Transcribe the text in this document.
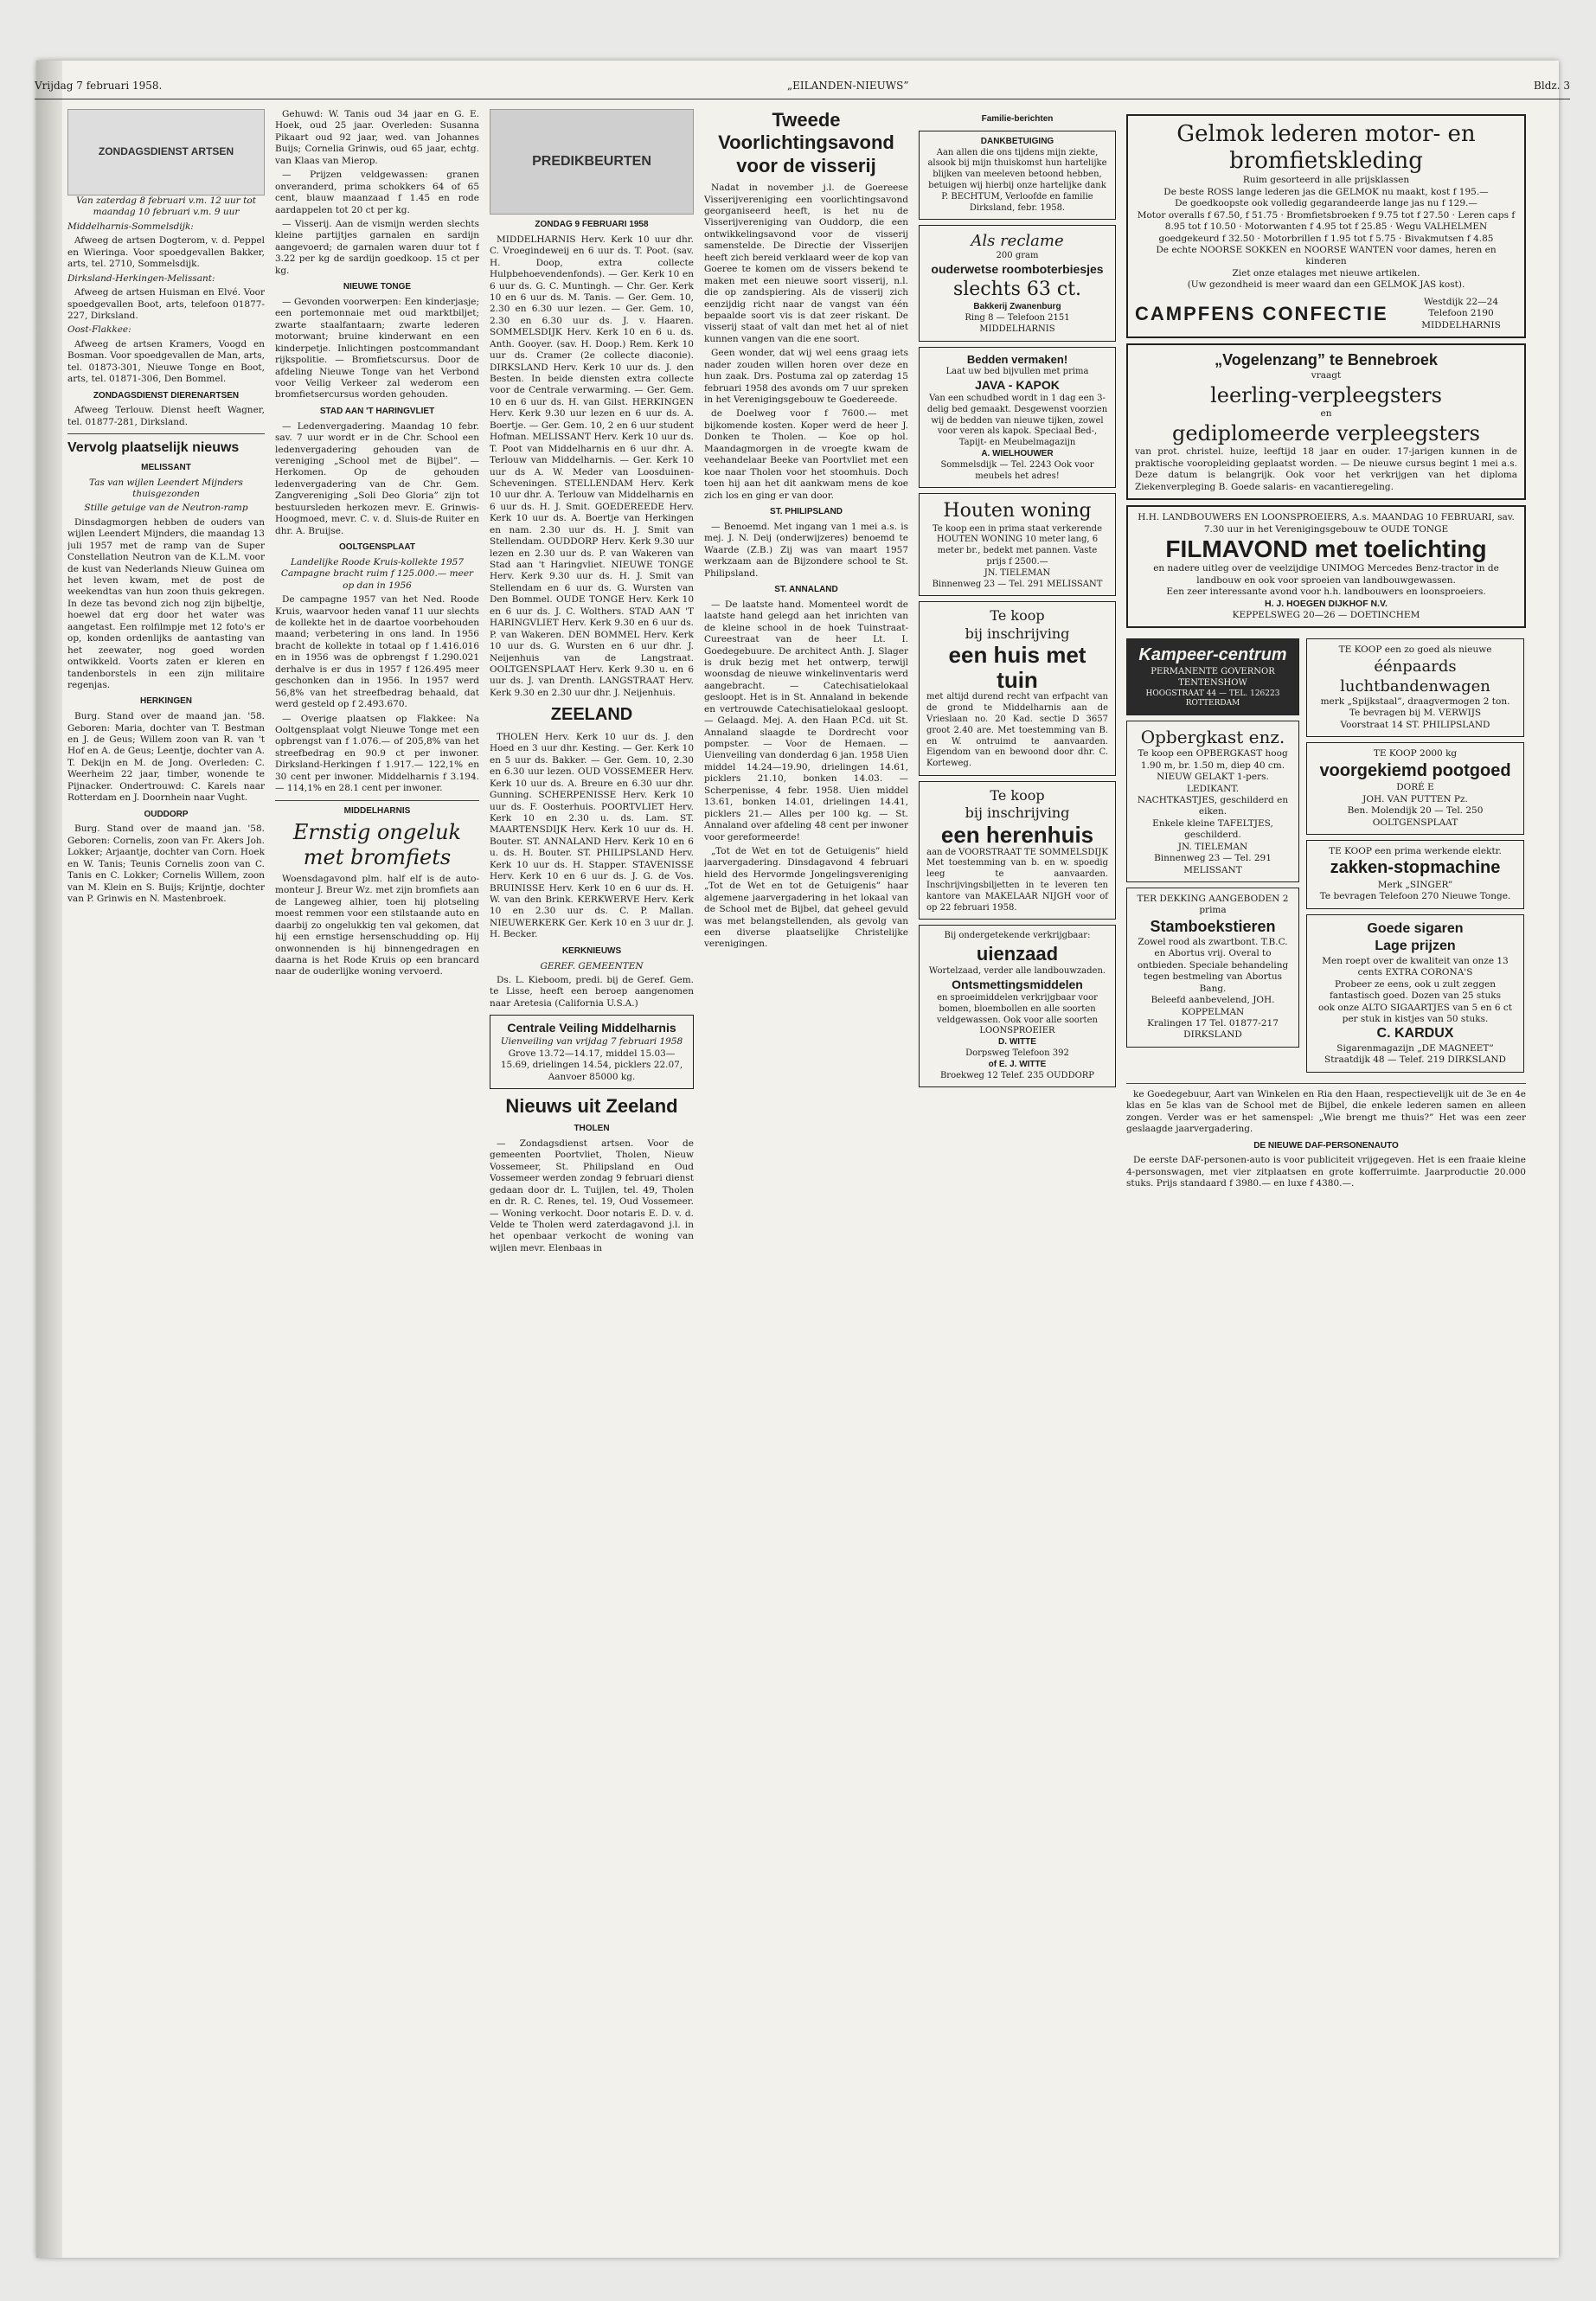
Vrijdag 7 februari 1958.	„EILANDEN-NIEUWS”	Bldz. 3
ZONDAGSDIENST ARTSEN

Van zaterdag 8 februari v.m. 12 uur tot maandag 10 februari v.m. 9 uur

Middelharnis-Sommelsdijk:

Afweeg de artsen Dogterom, v. d. Peppel en Wieringa. Voor spoedgevallen Bakker, arts, tel. 2710, Sommelsdijk.

Dirksland-Herkingen-Melissant:

Afweeg de artsen Huisman en Elvé. Voor spoedgevallen Boot, arts, telefoon 01877-227, Dirksland.

Oost-Flakkee:

Afweeg de artsen Kramers, Voogd en Bosman. Voor spoedgevallen de Man, arts, tel. 01873-301, Nieuwe Tonge en Boot, arts, tel. 01871-306, Den Bommel.

ZONDAGSDIENST DIERENARTSEN

Afweeg Terlouw. Dienst heeft Wagner, tel. 01877-281, Dirksland.

Vervolg plaatselijk nieuws
MELISSANT

Tas van wijlen Leendert Mijnders thuisgezonden

Stille getuige van de Neutron-ramp

Dinsdagmorgen hebben de ouders van wijlen Leendert Mijnders, die maandag 13 juli 1957 met de ramp van de Super Constellation Neutron van de K.L.M. voor de kust van Nederlands Nieuw Guinea om het leven kwam, met de post de weekendtas van hun zoon thuis gekregen. In deze tas bevond zich nog zijn bijbeltje, hoewel dat erg door het water was aangetast. Een rolfilmpje met 12 foto's er op, konden ordenlijks de aantasting van het zeewater, nog goed worden ontwikkeld. Voorts zaten er kleren en tandenborstels in een zijn militaire regenjas.

HERKINGEN

Burg. Stand over de maand jan. '58. Geboren: Maria, dochter van T. Bestman en J. de Geus; Willem zoon van R. van 't Hof en A. de Geus; Leentje, dochter van A. T. Dekijn en M. de Jong. Overleden: C. Weerheim 22 jaar, timber, wonende te Pijnacker. Ondertrouwd: C. Karels naar Rotterdam en J. Doornhein naar Vught.

OUDDORP

Burg. Stand over de maand jan. '58. Geboren: Cornelis, zoon van Fr. Akers Joh. Lokker; Arjaantje, dochter van Corn. Hoek en W. Tanis; Teunis Cornelis zoon van C. Tanis en C. Lokker; Cornelis Willem, zoon van M. Klein en S. Buijs; Krijntje, dochter van P. Grinwis en N. Mastenbroek.

Gehuwd: W. Tanis oud 34 jaar en G. E. Hoek, oud 25 jaar. Overleden: Susanna Pikaart oud 92 jaar, wed. van Johannes Buijs; Cornelia Grinwis, oud 65 jaar, echtg. van Klaas van Mierop.

— Prijzen veldgewassen: granen onveranderd, prima schokkers 64 of 65 cent, blauw maanzaad f 1.45 en rode aardappelen tot 20 ct per kg.

— Visserij. Aan de vismijn werden slechts kleine partijtjes garnalen en sardijn aangevoerd; de garnalen waren duur tot f 3.22 per kg de sardijn goedkoop. 15 ct per kg.

NIEUWE TONGE

— Gevonden voorwerpen: Een kinderjasje; een portemonnaie met oud marktbiljet; zwarte staalfantaarn; zwarte lederen motorwant; bruine kinderwant en een kinderpetje. Inlichtingen postcommandant rijkspolitie. — Bromfietscursus. Door de afdeling Nieuwe Tonge van het Verbond voor Veilig Verkeer zal wederom een bromfietsercursus worden gehouden.

STAD AAN 'T HARINGVLIET

— Ledenvergadering. Maandag 10 febr. sav. 7 uur wordt er in de Chr. School een ledenvergadering gehouden van de vereniging „School met de Bijbel”. — Herkomen. Op de gehouden ledenvergadering van de Chr. Gem. Zangvereniging „Soli Deo Gloria” zijn tot bestuursleden herkozen mevr. E. Grinwis-Hoogmoed, mevr. C. v. d. Sluis-de Ruiter en dhr. A. Bruijse.

OOLTGENSPLAAT

Landelijke Roode Kruis-kollekte 1957 Campagne bracht ruim f 125.000.— meer op dan in 1956

De campagne 1957 van het Ned. Roode Kruis, waarvoor heden vanaf 11 uur slechts de kollekte het in de daartoe voorbehouden maand; verbetering in ons land. In 1956 bracht de kollekte in totaal op f 1.416.016 en in 1956 was de opbrengst f 1.290.021 derhalve is er dus in 1957 f 126.495 meer geschonken dan in 1956. In 1957 werd 56,8% van het streefbedrag behaald, dat werd gesteld op f 2.493.670.

— Overige plaatsen op Flakkee: Na Ooltgensplaat volgt Nieuwe Tonge met een opbrengst van f 1.076.— of 205,8% van het streefbedrag en 90.9 ct per inwoner. Dirksland-Herkingen f 1.917.— 122,1% en 30 cent per inwoner. Middelharnis f 3.194.— 114,1% en 28.1 cent per inwoner.

MIDDELHARNIS
Ernstig ongeluk met bromfiets

Woensdagavond plm. half elf is de auto-monteur J. Breur Wz. met zijn bromfiets aan de Langeweg alhier, toen hij plotseling moest remmen voor een stilstaande auto en daarbij zo ongelukkig ten val gekomen, dat hij een ernstige hersenschudding op. Hij onwonnenden is hij binnengedragen en daarna is het Rode Kruis op een brancard naar de ouderlijke woning vervoerd.

PREDIKBEURTEN
ZONDAG 9 FEBRUARI 1958

MIDDELHARNIS Herv. Kerk 10 uur dhr. C. Vroegindeweij en 6 uur ds. T. Poot. (sav. H. Doop, extra collecte Hulpbehoevendenfonds). — Ger. Kerk 10 en 6 uur ds. G. C. Muntingh. — Chr. Ger. Kerk 10 en 6 uur ds. M. Tanis. — Ger. Gem. 10, 2.30 en 6.30 uur lezen. — Ger. Gem. 10, 2.30 en 6.30 uur ds. J. v. Haaren. SOMMELSDIJK Herv. Kerk 10 en 6 u. ds. Anth. Gooyer. (sav. H. Doop.) Rem. Kerk 10 uur ds. Cramer (2e collecte diaconie). DIRKSLAND Herv. Kerk 10 uur ds. J. den Besten. In beide diensten extra collecte voor de Centrale verwarming. — Ger. Gem. 10 en 6 uur ds. H. van Gilst. HERKINGEN Herv. Kerk 9.30 uur lezen en 6 uur ds. A. Boertje. — Ger. Gem. 10, 2 en 6 uur student Hofman. MELISSANT Herv. Kerk 10 uur ds. T. Poot van Middelharnis en 6 uur dhr. A. Terlouw van Middelharnis. — Ger. Kerk 10 uur ds A. W. Meder van Loosduinen-Scheveningen. STELLENDAM Herv. Kerk 10 uur dhr. A. Terlouw van Middelharnis en 6 uur ds. H. J. Smit. GOEDEREEDE Herv. Kerk 10 uur ds. A. Boertje van Herkingen en nam. 2.30 uur ds. H. J. Smit van Stellendam. OUDDORP Herv. Kerk 9.30 uur lezen en 2.30 uur ds. P. van Wakeren van Stad aan 't Haringvliet. NIEUWE TONGE Herv. Kerk 9.30 uur ds. H. J. Smit van Stellendam en 6 uur ds. G. Wursten van Den Bommel. OUDE TONGE Herv. Kerk 10 en 6 uur ds. J. C. Wolthers. STAD AAN 'T HARINGVLIET Herv. Kerk 9.30 en 6 uur ds. P. van Wakeren. DEN BOMMEL Herv. Kerk 10 uur ds. G. Wursten en 6 uur dhr. J. Neijenhuis van de Langstraat. OOLTGENSPLAAT Herv. Kerk 9.30 u. en 6 uur ds. J. van Drenth. LANGSTRAAT Herv. Kerk 9.30 en 2.30 uur dhr. J. Neijenhuis.

ZEELAND

THOLEN Herv. Kerk 10 uur ds. J. den Hoed en 3 uur dhr. Kesting. — Ger. Kerk 10 en 5 uur ds. Bakker. — Ger. Gem. 10, 2.30 en 6.30 uur lezen. OUD VOSSEMEER Herv. Kerk 10 uur ds. A. Breure en 6.30 uur dhr. Gunning. SCHERPENISSE Herv. Kerk 10 uur ds. F. Oosterhuis. POORTVLIET Herv. Kerk 10 en 2.30 u. ds. Lam. ST. MAARTENSDIJK Herv. Kerk 10 uur ds. H. Bouter. ST. ANNALAND Herv. Kerk 10 en 6 u. ds. H. Bouter. ST. PHILIPSLAND Herv. Kerk 10 uur ds. H. Stapper. STAVENISSE Herv. Kerk 10 en 6 uur ds. J. G. de Vos. BRUINISSE Herv. Kerk 10 en 6 uur ds. H. W. van den Brink. KERKWERVE Herv. Kerk 10 en 2.30 uur ds. C. P. Mallan. NIEUWERKERK Ger. Kerk 10 en 3 uur dr. J. H. Becker.

KERKNIEUWS

GEREF. GEMEENTEN

Ds. L. Kieboom, predi. bij de Geref. Gem. te Lisse, heeft een beroep aangenomen naar Aretesia (California U.S.A.)

Centrale Veiling Middelharnis
Uienveiling van vrijdag 7 februari 1958
Grove 13.72—14.17, middel 15.03—15.69, drielingen 14.54, picklers 22.07, Aanvoer 85000 kg.
Nieuws uit Zeeland
THOLEN

— Zondagsdienst artsen. Voor de gemeenten Poortvliet, Tholen, Nieuw Vossemeer, St. Philipsland en Oud Vossemeer werden zondag 9 februari dienst gedaan door dr. L. Tuijlen, tel. 49, Tholen en dr. R. C. Renes, tel. 19, Oud Vossemeer. — Woning verkocht. Door notaris E. D. v. d. Velde te Tholen werd zaterdagavond j.l. in het openbaar verkocht de woning van wijlen mevr. Elenbaas in

Tweede Voorlichtingsavond voor de visserij

Nadat in november j.l. de Goereese Visserijvereniging een voorlichtingsavond georganiseerd heeft, is het nu de Visserijvereniging van Ouddorp, die een ontwikkelingsavond voor de visserij samenstelde. De Directie der Visserijen heeft zich bereid verklaard weer de kop van Goeree te komen om de vissers bekend te maken met een nieuwe soort visserij, n.l. die op zandspiering. Als de visserij zich eenzijdig richt naar de vangst van één bepaalde soort vis is dat zeer riskant. De visserij staat of valt dan met het al of niet kunnen vangen van die ene soort.

Geen wonder, dat wij wel eens graag iets nader zouden willen horen over deze en hun zaak. Drs. Postuma zal op zaterdag 15 februari 1958 des avonds om 7 uur spreken in het Verenigingsgebouw te Goedereede.

de Doelweg voor f 7600.— met bijkomende kosten. Koper werd de heer J. Donken te Tholen. — Koe op hol. Maandagmorgen in de vroegte kwam de veehandelaar Beeke van Poortvliet met een koe naar Tholen voor het stoomhuis. Doch toen hij aan het dit aankwam mens de koe zich los en ging er van door.

ST. PHILIPSLAND

— Benoemd. Met ingang van 1 mei a.s. is mej. J. N. Deij (onderwijzeres) benoemd te Waarde (Z.B.) Zij was van maart 1957 werkzaam aan de Bijzondere school te St. Philipsland.

ST. ANNALAND

— De laatste hand. Momenteel wordt de laatste hand gelegd aan het inrichten van de kleine school in de hoek Tuinstraat-Cureestraat van de heer Lt. I. Goedegebuure. De architect Anth. J. Slager is druk bezig met het ontwerp, terwijl woonsdag de nieuwe winkelinventaris werd aangebracht. — Catechisatielokaal gesloopt. Het is in St. Annaland in bekende en vertrouwde Catechisatielokaal gesloopt. — Gelaagd. Mej. A. den Haan P.Cd. uit St. Annaland slaagde te Dordrecht voor pompster. — Voor de Hemaen. — Uienveiling van donderdag 6 jan. 1958 Uien middel 14.24—19.90, drielingen 14.61, picklers 21.10, bonken 14.03. — Scherpenisse, 4 febr. 1958. Uien middel 13.61, bonken 14.01, drielingen 14.41, picklers 21.— Alles per 100 kg. — St. Annaland over afdeling 48 cent per inwoner voor gereformeerde!

„Tot de Wet en tot de Getuigenis” hield jaarvergadering. Dinsdagavond 4 februari hield des Hervormde Jongelingsvereniging „Tot de Wet en tot de Getuigenis” haar algemene jaarvergadering in het lokaal van de School met de Bijbel, dat geheel gevuld was met belangstellenden, als gevolg van een diverse plaatselijke Christelijke verenigingen.

Familie-berichten
DANKBETUIGING
Aan allen die ons tijdens mijn ziekte, alsook bij mijn thuiskomst hun hartelijke blijken van meeleven betoond hebben, betuigen wij hierbij onze hartelijke dank
P. BECHTUM, Verloofde en familie
Dirksland, febr. 1958.
Als reclame
200 gram
ouderwetse roomboterbiesjes
slechts 63 ct.
Bakkerij Zwanenburg
Ring 8 — Telefoon 2151 MIDDELHARNIS
Bedden vermaken!
Laat uw bed bijvullen met prima
JAVA - KAPOK
Van een schudbed wordt in 1 dag een 3-delig bed gemaakt. Desgewenst voorzien wij de bedden van nieuwe tijken, zowel voor veren als kapok. Speciaal Bed-, Tapijt- en Meubelmagazijn
A. WIELHOUWER
Sommelsdijk — Tel. 2243 Ook voor meubels het adres!
Houten woning
Te koop een in prima staat verkerende HOUTEN WONING 10 meter lang, 6 meter br., bedekt met pannen. Vaste prijs f 2500.—
JN. TIELEMAN
Binnenweg 23 — Tel. 291 MELISSANT
Te koop
bij inschrijving
een huis met tuin
met altijd durend recht van erfpacht van de grond te Middelharnis aan de Vrieslaan no. 20 Kad. sectie D 3657 groot 2.40 are. Met toestemming van B. en W. ontruimd te aanvaarden. Eigendom van en bewoond door dhr. C. Korteweg.
Te koop
bij inschrijving
een herenhuis
aan de VOORSTRAAT TE SOMMELSDIJK
Met toestemming van b. en w. spoedig leeg te aanvaarden. Inschrijvingsbiljetten in te leveren ten kantore van MAKELAAR NIJGH voor of op 22 februari 1958.
Bij ondergetekende verkrijgbaar:
uienzaad
Wortelzaad, verder alle landbouwzaden.
Ontsmettingsmiddelen
en sproeimiddelen verkrijgbaar voor bomen, bloembollen en alle soorten veldgewassen. Ook voor alle soorten LOONSPROEIER
D. WITTE
Dorpsweg Telefoon 392
of E. J. WITTE
Broekweg 12 Telef. 235 OUDDORP
Gelmok lederen motor- en bromfietskleding
Ruim gesorteerd in alle prijsklassen
De beste ROSS lange lederen jas die GELMOK nu maakt, kost f 195.—
De goedkoopste ook volledig gegarandeerde lange jas nu f 129.—
Motor overalls f 67.50, f 51.75 · Bromfietsbroeken f 9.75 tot f 27.50 · Leren caps f 8.95 tot f 10.50 · Motorwanten f 4.95 tot f 25.85 · Wegu VALHELMEN goedgekeurd f 32.50 · Motorbrillen f 1.95 tot f 5.75 · Bivakmutsen f 4.85
De echte NOORSE SOKKEN en NOORSE WANTEN voor dames, heren en kinderen
Ziet onze etalages met nieuwe artikelen.
(Uw gezondheid is meer waard dan een GELMOK JAS kost).
CAMPFENS CONFECTIE
Westdijk 22—24 Telefoon 2190 MIDDELHARNIS
„Vogelenzang” te Bennebroek
vraagt
leerling-verpleegsters
en
gediplomeerde verpleegsters
van prot. christel. huize, leeftijd 18 jaar en ouder. 17-jarigen kunnen in de praktische vooropleiding geplaatst worden. — De nieuwe cursus begint 1 mei a.s. Deze datum is belangrijk. Ook voor het verkrijgen van het diploma Ziekenverpleging B. Goede salaris- en vacantieregeling.
H.H. LANDBOUWERS EN LOONSPROEIERS, A.s. MAANDAG 10 FEBRUARI, sav. 7.30 uur in het Verenigingsgebouw te OUDE TONGE
FILMAVOND met toelichting
en nadere uitleg over de veelzijdige UNIMOG Mercedes Benz-tractor in de landbouw en ook voor sproeien van landbouwgewassen.
Een zeer interessante avond voor h.h. landbouwers en loonsproeiers.
H. J. HOEGEN DIJKHOF N.V.
KEPPELSWEG 20—26 — DOETINCHEM
Kampeer-centrum
PERMANENTE GOVERNOR TENTENSHOW
HOOGSTRAAT 44 — TEL. 126223 ROTTERDAM
Opbergkast enz.
Te koop een OPBERGKAST hoog 1.90 m, br. 1.50 m, diep 40 cm.
NIEUW GELAKT 1-pers. LEDIKANT.
NACHTKASTJES, geschilderd en eiken.
Enkele kleine TAFELTJES, geschilderd.
JN. TIELEMAN
Binnenweg 23 — Tel. 291 MELISSANT
TER DEKKING AANGEBODEN 2 prima
Stamboekstieren
Zowel rood als zwartbont. T.B.C. en Abortus vrij. Overal to ontbieden. Speciale behandeling tegen bestmeling van Abortus Bang.
Beleefd aanbevelend, JOH. KOPPELMAN
Kralingen 17 Tel. 01877-217 DIRKSLAND
TE KOOP een zo goed als nieuwe
éénpaards luchtbandenwagen
merk „Spijkstaal”, draagvermogen 2 ton.
Te bevragen bij M. VERWIJS
Voorstraat 14 ST. PHILIPSLAND
TE KOOP 2000 kg
voorgekiemd pootgoed
DORÉ E
JOH. VAN PUTTEN Pz.
Ben. Molendijk 20 — Tel. 250 OOLTGENSPLAAT
TE KOOP een prima werkende elektr.
zakken-stopmachine
Merk „SINGER”
Te bevragen Telefoon 270 Nieuwe Tonge.
Goede sigaren
Lage prijzen
Men roept over de kwaliteit van onze 13 cents EXTRA CORONA'S
Probeer ze eens, ook u zult zeggen fantastisch goed. Dozen van 25 stuks
ook onze ALTO SIGAARTJES van 5 en 6 ct per stuk in kistjes van 50 stuks.
C. KARDUX
Sigarenmagazijn „DE MAGNEET” Straatdijk 48 — Telef. 219 DIRKSLAND

ke Goedegebuur, Aart van Winkelen en Ria den Haan, respectievelijk uit de 3e en 4e klas en 5e klas van de School met de Bijbel, die enkele lederen samen en alleen zongen. Verder was er het samenspel: „Wie brengt me thuis?” Het was een zeer geslaagde jaarvergadering.

DE NIEUWE DAF-PERSONENAUTO

De eerste DAF-personen-auto is voor publiciteit vrijgegeven. Het is een fraaie kleine 4-personswagen, met vier zitplaatsen en grote kofferruimte. Jaarproductie 20.000 stuks. Prijs standaard f 3980.— en luxe f 4380.—.
